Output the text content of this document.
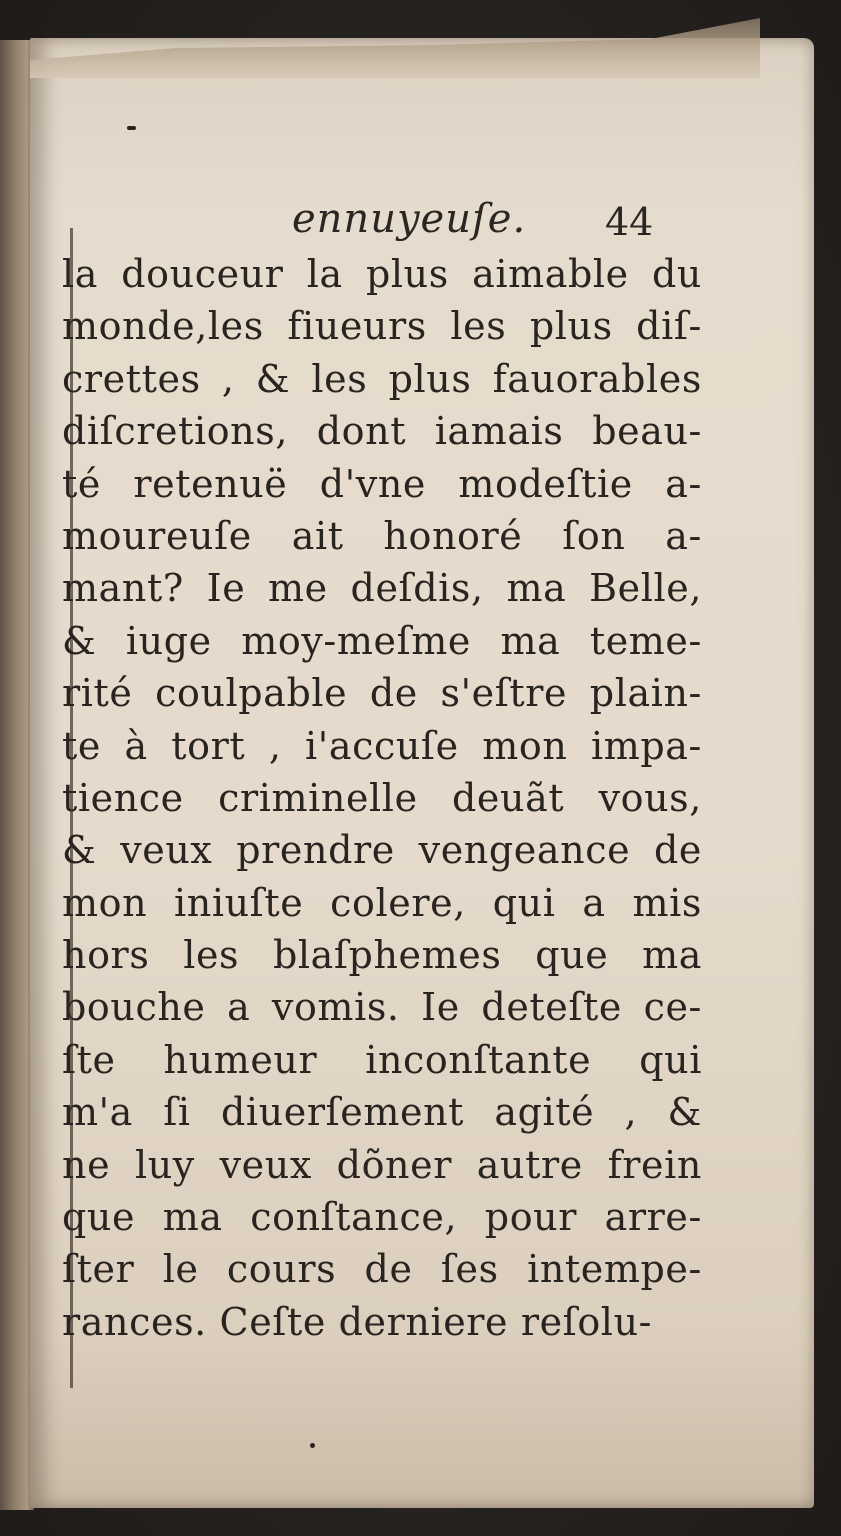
ennuyeuſe. 44
la douceur la plus aimable du
monde,les fiueurs les plus diſ-
crettes , & les plus fauorables
diſcretions, dont iamais beau-
té retenuë d'vne modeſtie a-
moureuſe ait honoré ſon a-
mant? Ie me deſdis, ma Belle,
& iuge moy-meſme ma teme-
rité coulpable de s'eſtre plain-
te à tort , i'accuſe mon impa-
tience criminelle deuãt vous,
& veux prendre vengeance de
mon iniuſte colere, qui a mis
hors les blaſphemes que ma
bouche a vomis. Ie deteſte ce-
ſte humeur inconſtante qui
m'a ſi diuerſement agité , &
ne luy veux dõner autre frein
que ma conſtance, pour arre-
ſter le cours de ſes intempe-
rances. Ceſte derniere reſolu-
